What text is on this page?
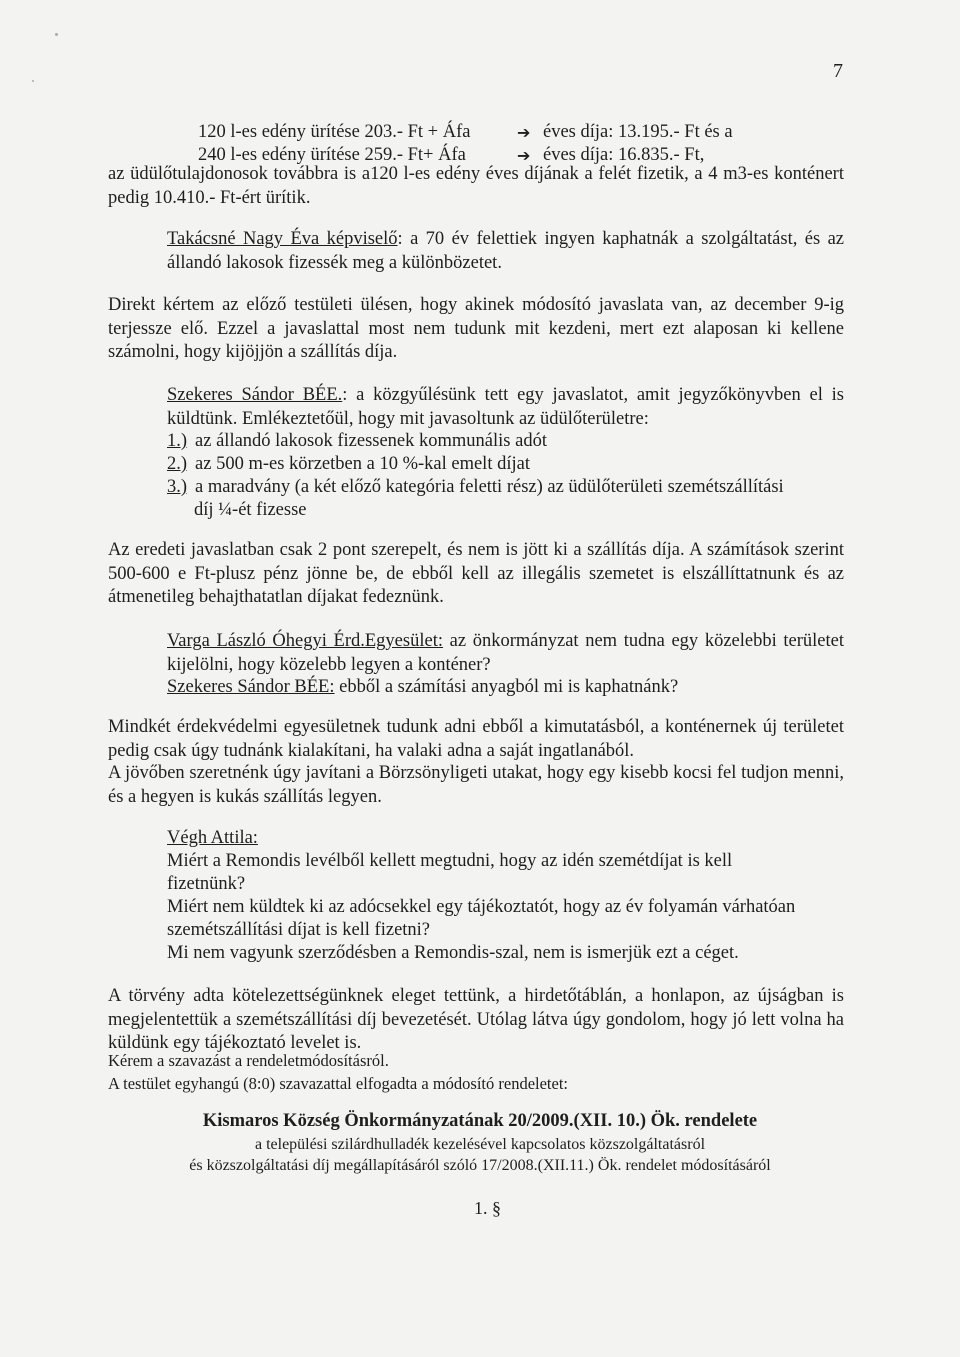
7
120 l-es edény ürítése 203.- Ft + Áfa	➔ éves díja: 13.195.- Ft és a
240 l-es edény ürítése 259.- Ft+ Áfa	➔ éves díja: 16.835.- Ft,
az üdülőtulajdonosok továbbra is a120 l-es edény éves díjának a felét fizetik, a 4 m3-es konténert pedig 10.410.- Ft-ért ürítik.
Takácsné Nagy Éva képviselő: a 70 év felettiek ingyen kaphatnák a szolgáltatást, és az állandó lakosok fizessék meg a különbözetet.
Direkt kértem az előző testületi ülésen, hogy akinek módosító javaslata van, az december 9-ig terjessze elő. Ezzel a javaslattal most nem tudunk mit kezdeni, mert ezt alaposan ki kellene számolni, hogy kijöjjön a szállítás díja.
Szekeres Sándor BÉE.: a közgyűlésünk tett egy javaslatot, amit jegyzőkönyvben el is küldtünk. Emlékeztetőül, hogy mit javasoltunk az üdülőterületre:
1.) az állandó lakosok fizessenek kommunális adót
2.) az 500 m-es körzetben a 10 %-kal emelt díjat
3.) a maradvány (a két előző kategória feletti rész) az üdülőterületi szemétszállítási
díj ¼-ét fizesse
Az eredeti javaslatban csak 2 pont szerepelt, és nem is jött ki a szállítás díja. A számítások szerint 500-600 e Ft-plusz pénz jönne be, de ebből kell az illegális szemetet is elszállíttatnunk és az átmenetileg behajthatatlan díjakat fedeznünk.
Varga László Óhegyi Érd.Egyesület: az önkormányzat nem tudna egy közelebbi területet kijelölni, hogy közelebb legyen a konténer?
Szekeres Sándor BÉE: ebből a számítási anyagból mi is kaphatnánk?
Mindkét érdekvédelmi egyesületnek tudunk adni ebből a kimutatásból, a konténernek új területet pedig csak úgy tudnánk kialakítani, ha valaki adna a saját ingatlanából.
A jövőben szeretnénk úgy javítani a Börzsönyligeti utakat, hogy egy kisebb kocsi fel tudjon menni, és a hegyen is kukás szállítás legyen.
Végh Attila:
Miért a Remondis levélből kellett megtudni, hogy az idén szemétdíjat is kell fizetnünk?
Miért nem küldtek ki az adócsekkel egy tájékoztatót, hogy az év folyamán várhatóan szemétszállítási díjat is kell fizetni?
Mi nem vagyunk szerződésben a Remondis-szal, nem is ismerjük ezt a céget.
A törvény adta kötelezettségünknek eleget tettünk, a hirdetőtáblán, a honlapon, az újságban is megjelentettük a szemétszállítási díj bevezetését. Utólag látva úgy gondolom, hogy jó lett volna ha küldünk egy tájékoztató levelet is.
Kérem a szavazást a rendeletmódosításról.
A testület egyhangú (8:0) szavazattal elfogadta a módosító rendeletet:
Kismaros Község Önkormányzatának 20/2009.(XII. 10.) Ök. rendelete
a települési szilárdhulladék kezelésével kapcsolatos közszolgáltatásról
és közszolgáltatási díj megállapításáról szóló 17/2008.(XII.11.) Ök. rendelet módosításáról
1. §
